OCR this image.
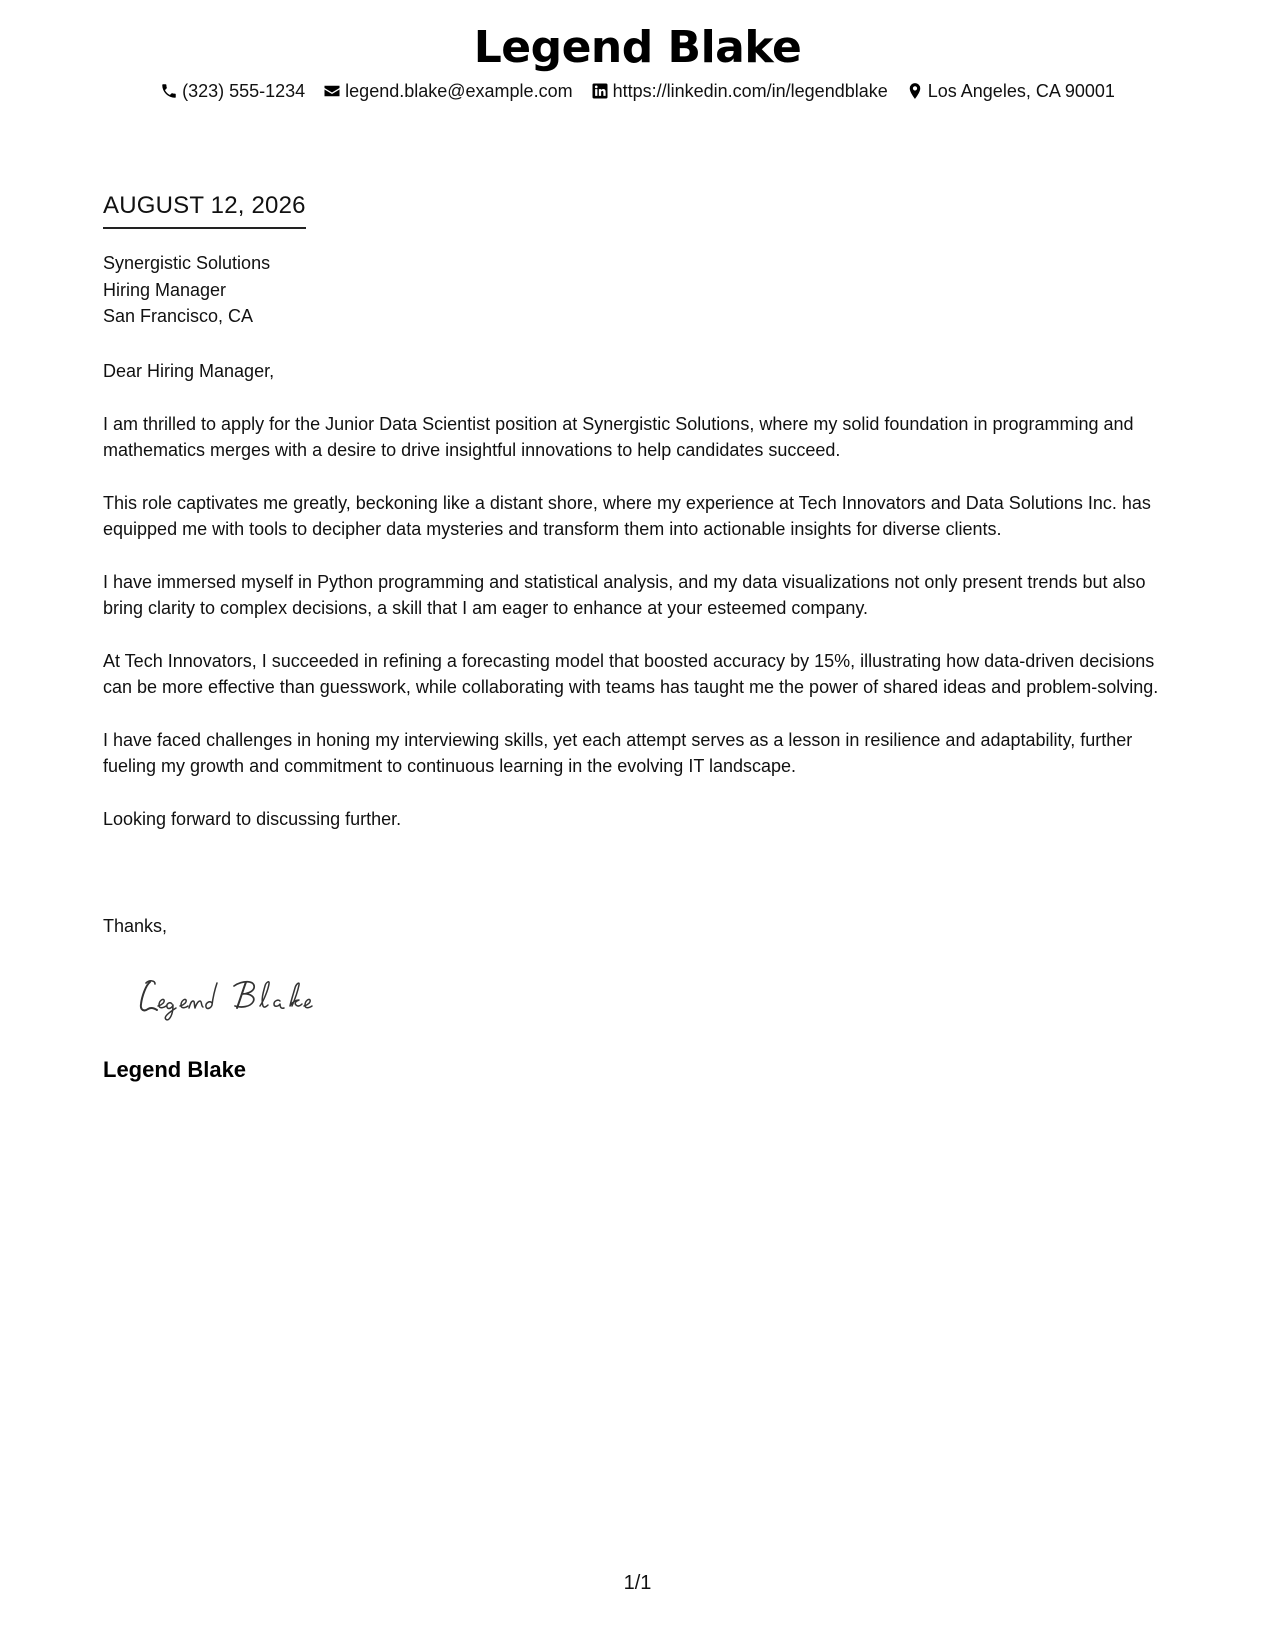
Legend Blake
(323) 555-1234 legend.blake@example.com https://linkedin.com/in/legendblake Los Angeles, CA 90001
AUGUST 12, 2026
Synergistic Solutions
Hiring Manager
San Francisco, CA

Dear Hiring Manager,

I am thrilled to apply for the Junior Data Scientist position at Synergistic Solutions, where my solid foundation in programming and mathematics merges with a desire to drive insightful innovations to help candidates succeed.

This role captivates me greatly, beckoning like a distant shore, where my experience at Tech Innovators and Data Solutions Inc. has equipped me with tools to decipher data mysteries and transform them into actionable insights for diverse clients.

I have immersed myself in Python programming and statistical analysis, and my data visualizations not only present trends but also bring clarity to complex decisions, a skill that I am eager to enhance at your esteemed company.

At Tech Innovators, I succeeded in refining a forecasting model that boosted accuracy by 15%, illustrating how data-driven decisions can be more effective than guesswork, while collaborating with teams has taught me the power of shared ideas and problem-solving.

I have faced challenges in honing my interviewing skills, yet each attempt serves as a lesson in resilience and adaptability, further fueling my growth and commitment to continuous learning in the evolving IT landscape.

Looking forward to discussing further.

Thanks,
Legend Blake
1/1
